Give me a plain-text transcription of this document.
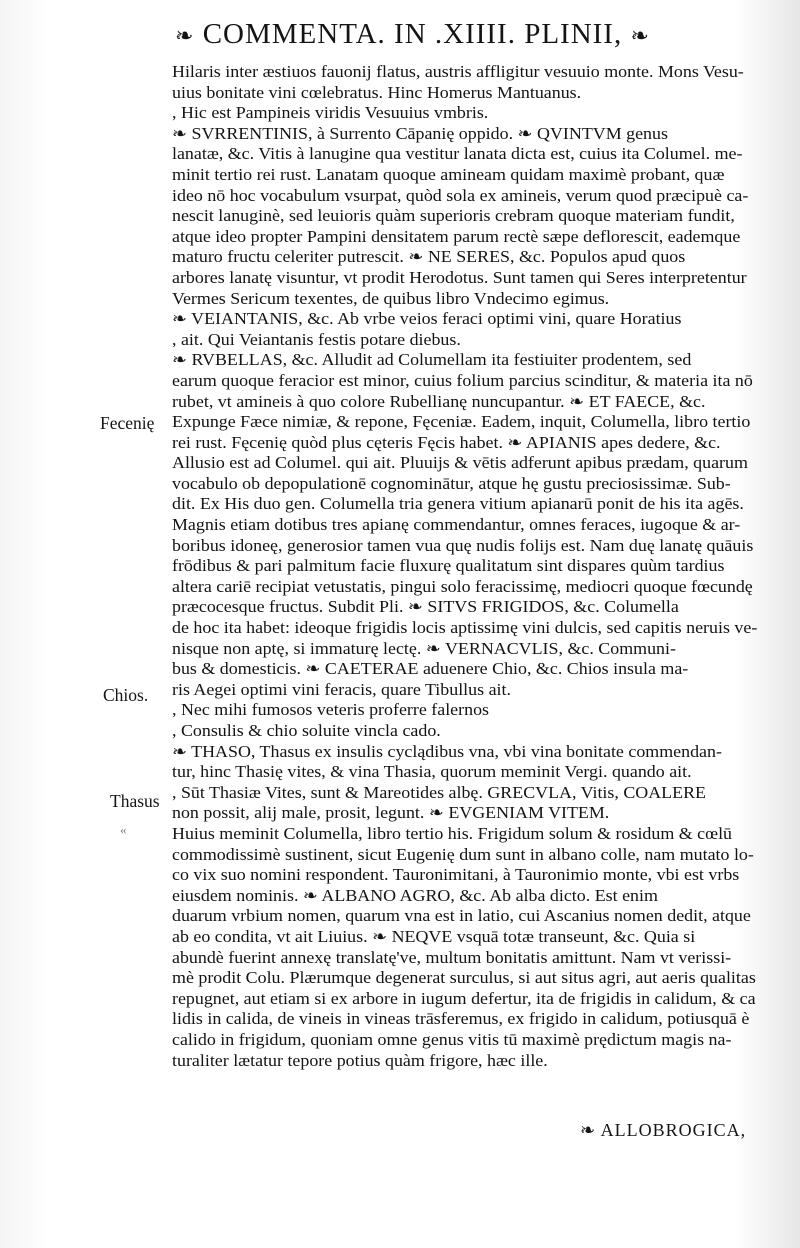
❧ COMMENTA. IN .XIIII. PLINII, ❧
Hilaris inter æstiuos fauonij flatus, austris affligitur vesuuio monte. Mons Vesu-
uius bonitate vini cœlebratus. Hinc Homerus Mantuanus.
, Hic est Pampineis viridis Vesuuius vmbris.
❧ SVRRENTINIS, à Surrento Cāpanię oppido. ❧ QVINTVM genus
lanatæ, &c. Vitis à lanugine qua vestitur lanata dicta est, cuius ita Columel. me-
minit tertio rei rust. Lanatam quoque amineam quidam maximè probant, quæ
ideo nō hoc vocabulum vsurpat, quòd sola ex amineis, verum quod præcipuè ca-
nescit lanuginè, sed leuioris quàm superioris crebram quoque materiam fundit,
atque ideo propter Pampini densitatem parum rectè sæpe deflorescit, eademque
maturo fructu celeriter putrescit. ❧ NE SERES, &c. Populos apud quos
arbores lanatę visuntur, vt prodit Herodotus. Sunt tamen qui Seres interpretentur
Vermes Sericum texentes, de quibus libro Vndecimo egimus.
❧ VEIANTANIS, &c. Ab vrbe veios feraci optimi vini, quare Horatius
, ait. Qui Veiantanis festis potare diebus.
❧ RVBELLAS, &c. Alludit ad Columellam ita festiuiter prodentem, sed
earum quoque feracior est minor, cuius folium parcius scinditur, & materia ita nō
rubet, vt amineis à quo colore Rubellianę nuncupantur. ❧ ET FAECE, &c.
Expunge Fæce nimiæ, & repone, Fęceniæ. Eadem, inquit, Columella, libro tertio
rei rust. Fęcenię quòd plus cęteris Fęcis habet. ❧ APIANIS apes dedere, &c.
Allusio est ad Columel. qui ait. Pluuijs & vētis adferunt apibus prædam, quarum
vocabulo ob depopulationē cognominātur, atque hę gustu preciosissimæ. Sub-
dit. Ex His duo gen. Columella tria genera vitium apianarū ponit de his ita agēs.
Magnis etiam dotibus tres apianę commendantur, omnes feraces, iugoque & ar-
boribus idoneę, generosior tamen vua quę nudis folijs est. Nam duę lanatę quāuis
frōdibus & pari palmitum facie fluxurę qualitatum sint dispares quùm tardius
altera cariē recipiat vetustatis, pingui solo feracissimę, mediocri quoque fœcundę
præcocesque fructus. Subdit Pli. ❧ SITVS FRIGIDOS, &c. Columella
de hoc ita habet: ideoque frigidis locis aptissimę vini dulcis, sed capitis neruis ve-
nisque non aptę, si immaturę lectę. ❧ VERNACVLIS, &c. Communi-
bus & domesticis. ❧ CAETERAE aduenere Chio, &c. Chios insula ma-
ris Aegei optimi vini feracis, quare Tibullus ait.
, Nec mihi fumosos veteris proferre falernos
, Consulis & chio soluite vincla cado.
❧ THASO, Thasus ex insulis cyclądibus vna, vbi vina bonitate commendan-
tur, hinc Thasię vites, & vina Thasia, quorum meminit Vergi. quando ait.
, Sūt Thasiæ Vites, sunt & Mareotides albę. GRECVLA, Vitis, COALERE
non possit, alij male, prosit, legunt. ❧ EVGENIAM VITEM.
Huius meminit Columella, libro tertio his. Frigidum solum & rosidum & cœlū
commodissimè sustinent, sicut Eugenię dum sunt in albano colle, nam mutato lo-
co vix suo nomini respondent. Tauronimitani, à Tauronimio monte, vbi est vrbs
eiusdem nominis. ❧ ALBANO AGRO, &c. Ab alba dicto. Est enim
duarum vrbium nomen, quarum vna est in latio, cui Ascanius nomen dedit, atque
ab eo condita, vt ait Liuius. ❧ NEQVE vsquā totæ transeunt, &c. Quia si
abundè fuerint annexę translatę've, multum bonitatis amittunt. Nam vt verissi-
mè prodit Colu. Plærumque degenerat surculus, si aut situs agri, aut aeris qualitas
repugnet, aut etiam si ex arbore in iugum defertur, ita de frigidis in calidum, & ca
lidis in calida, de vineis in vineas trāsferemus, ex frigido in calidum, potiusquā è
calido in frigidum, quoniam omne genus vitis tū maximè prędictum magis na-
turaliter lætatur tepore potius quàm frigore, hæc ille.
Fecenię
Chios.
Thasus
«
❧ ALLOBROGICA,
